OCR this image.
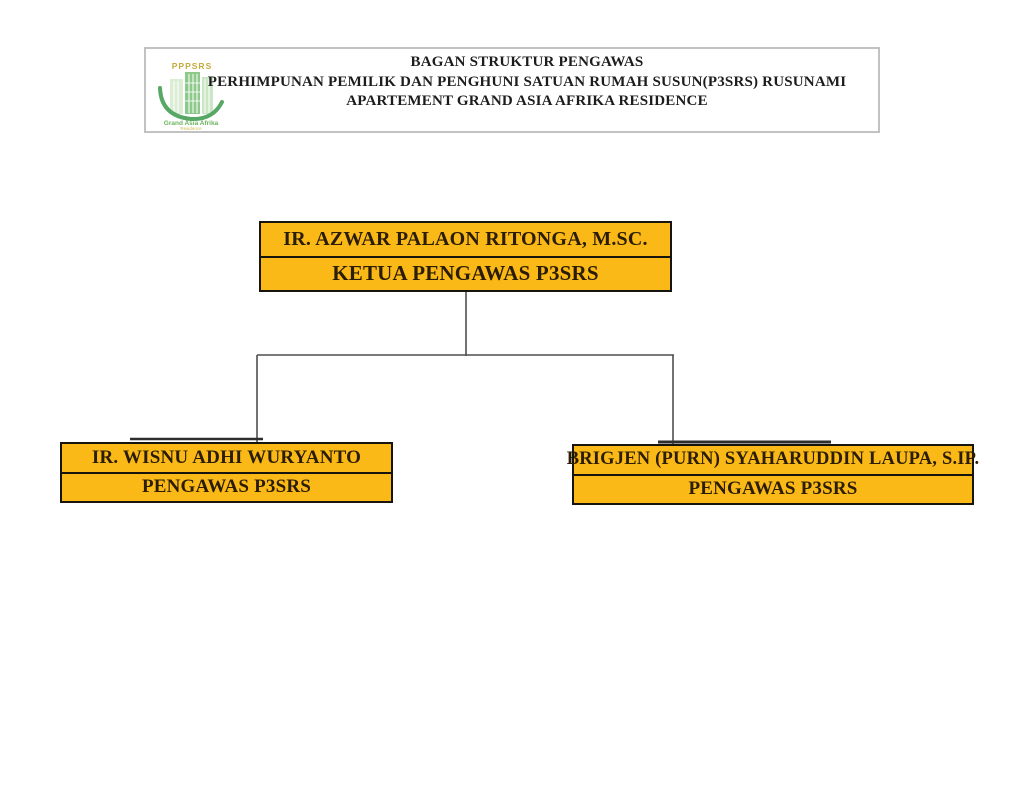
PPPSRS
Grand Asia Afrika
Residence
BAGAN STRUKTUR PENGAWAS
PERHIMPUNAN PEMILIK DAN PENGHUNI SATUAN RUMAH SUSUN(P3SRS) RUSUNAMI
APARTEMENT GRAND ASIA AFRIKA RESIDENCE
IR. AZWAR PALAON RITONGA, M.SC.
KETUA PENGAWAS P3SRS
IR. WISNU ADHI WURYANTO
PENGAWAS P3SRS
BRIGJEN (PURN) SYAHARUDDIN LAUPA, S.IP.
PENGAWAS P3SRS
